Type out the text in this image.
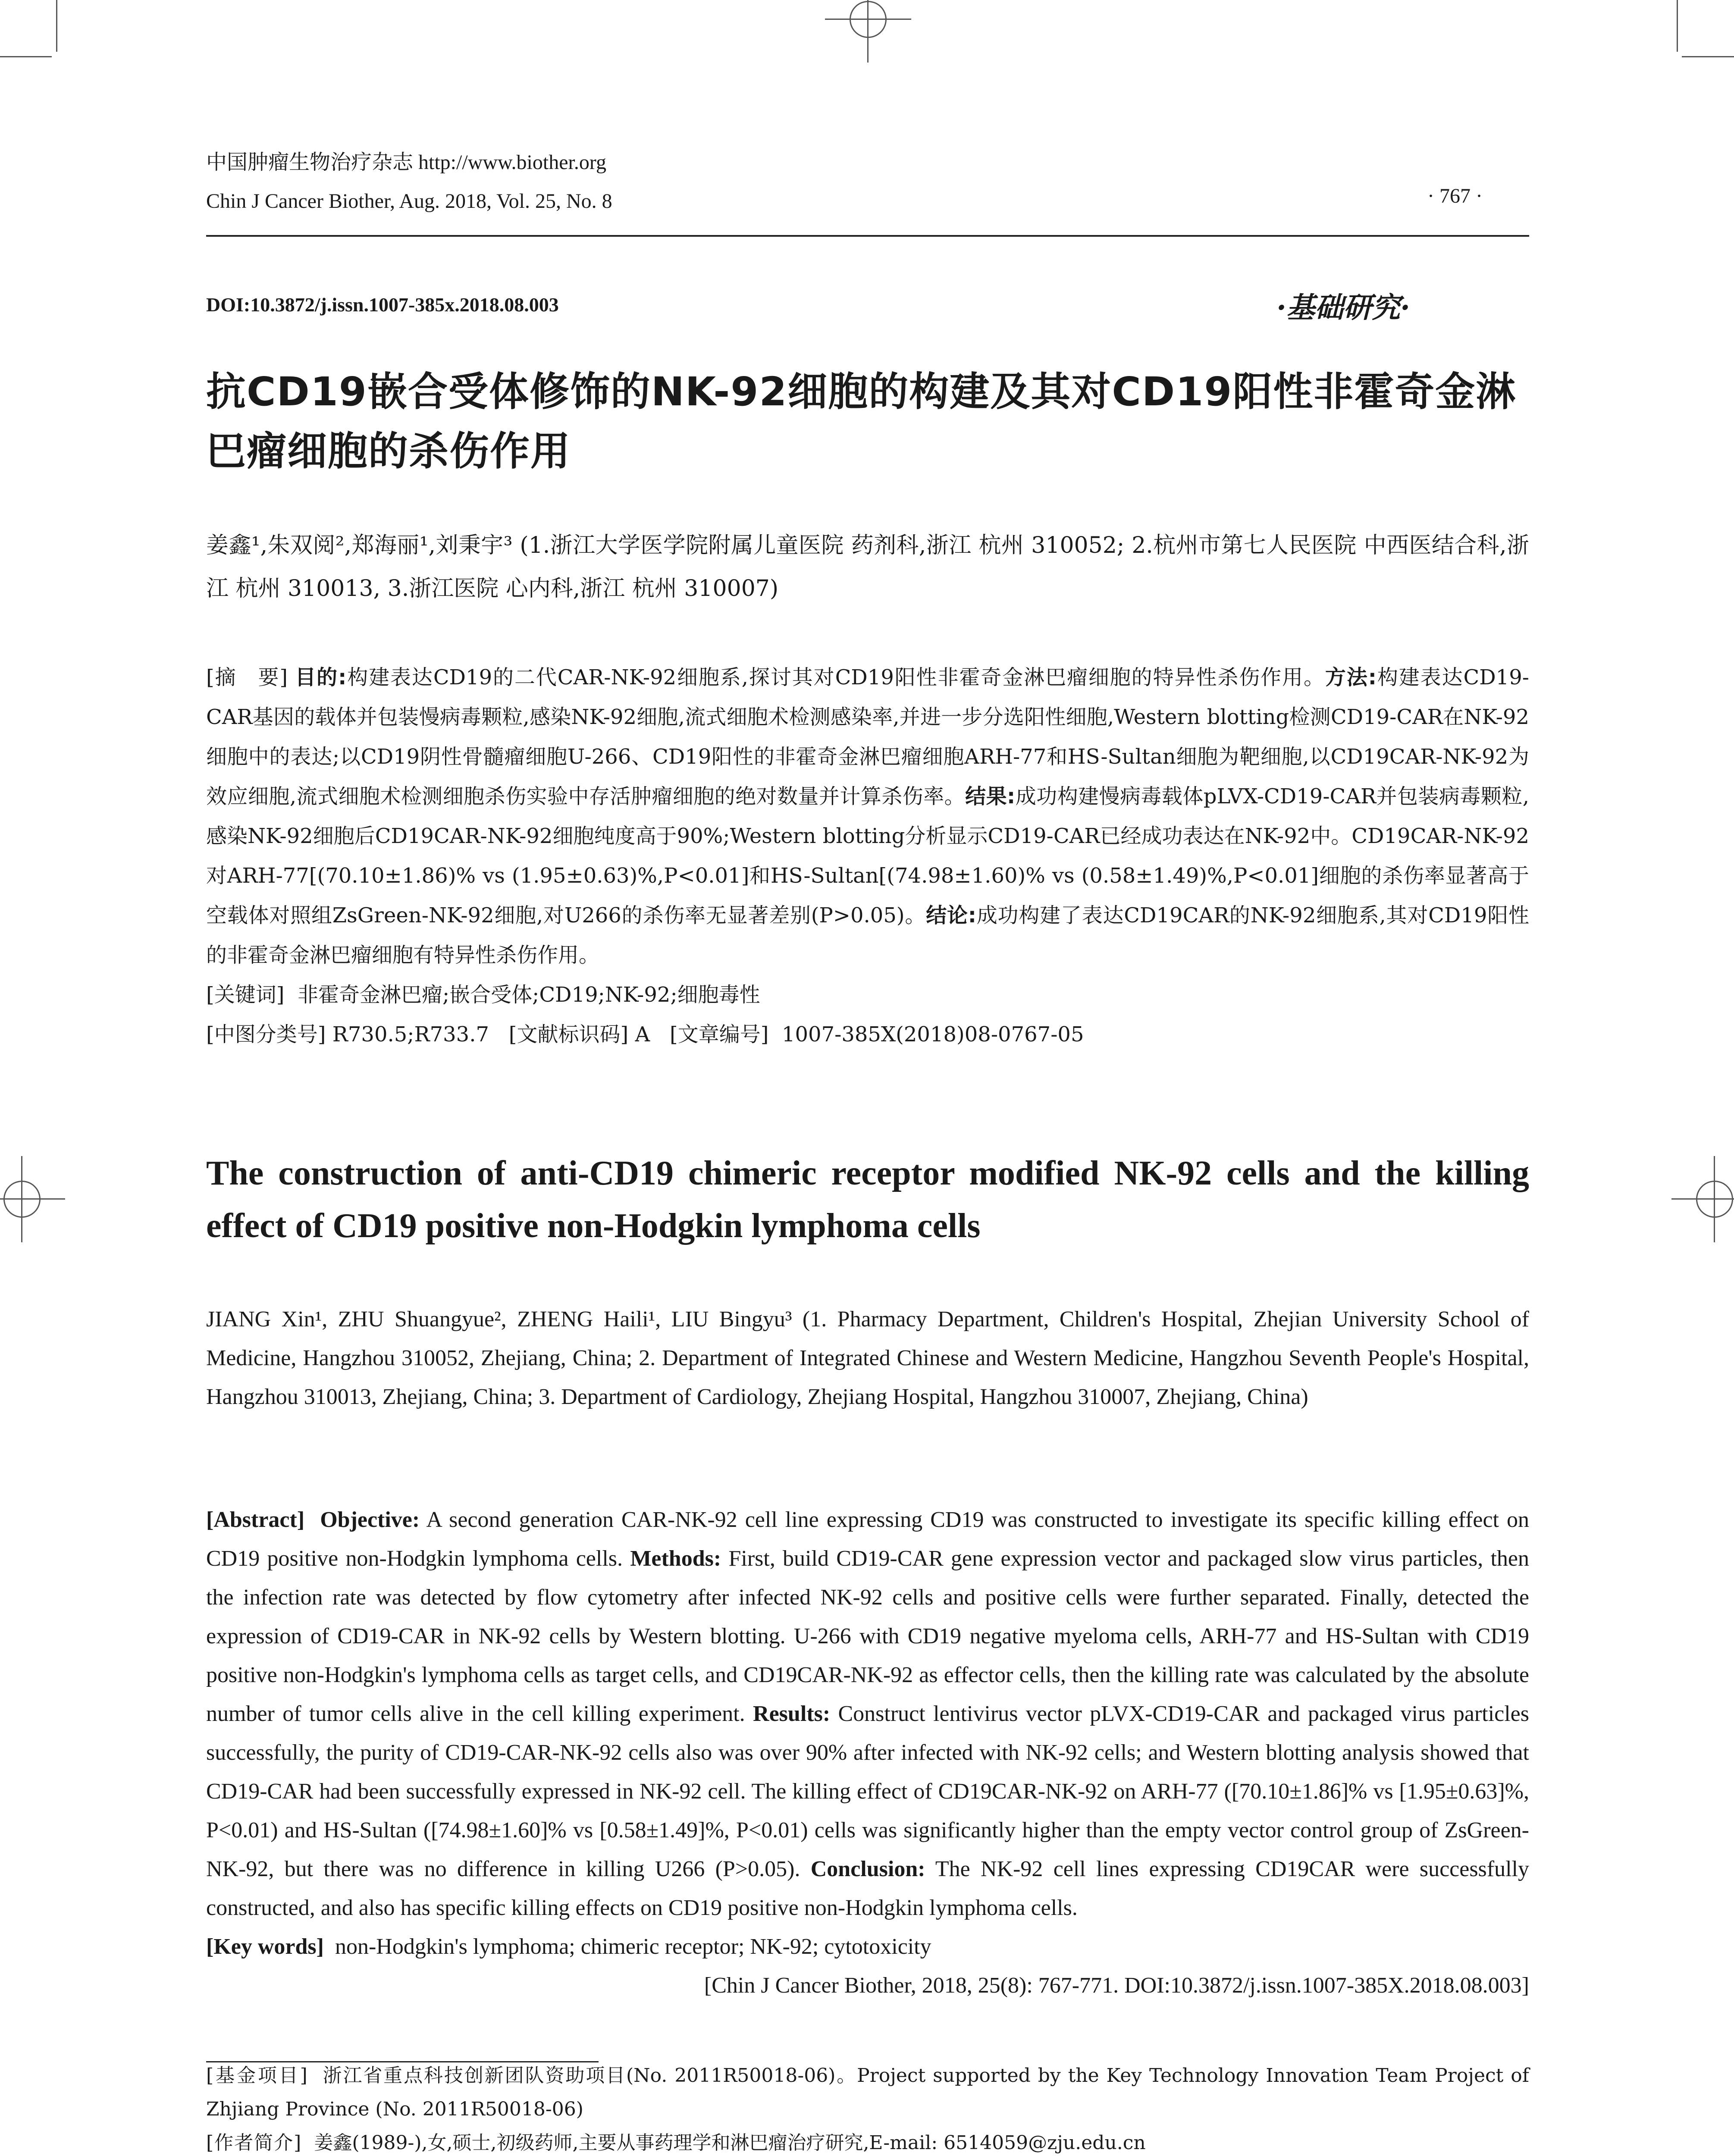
中国肿瘤生物治疗杂志 http://www.biother.org
Chin J Cancer Biother, Aug. 2018, Vol. 25, No. 8	· 767 ·
DOI:10.3872/j.issn.1007-385x.2018.08.003	·基础研究·
抗CD19嵌合受体修饰的NK-92细胞的构建及其对CD19阳性非霍奇金淋巴瘤细胞的杀伤作用
姜鑫¹,朱双阅²,郑海丽¹,刘秉宇³ (1.浙江大学医学院附属儿童医院 药剂科,浙江 杭州 310052; 2.杭州市第七人民医院 中西医结合科,浙江 杭州 310013, 3.浙江医院 心内科,浙江 杭州 310007)

[摘　要] 目的:构建表达CD19的二代CAR-NK-92细胞系,探讨其对CD19阳性非霍奇金淋巴瘤细胞的特异性杀伤作用。方法:构建表达CD19-CAR基因的载体并包装慢病毒颗粒,感染NK-92细胞,流式细胞术检测感染率,并进一步分选阳性细胞,Western blotting检测CD19-CAR在NK-92细胞中的表达;以CD19阴性骨髓瘤细胞U-266、CD19阳性的非霍奇金淋巴瘤细胞ARH-77和HS-Sultan细胞为靶细胞,以CD19CAR-NK-92为效应细胞,流式细胞术检测细胞杀伤实验中存活肿瘤细胞的绝对数量并计算杀伤率。结果:成功构建慢病毒载体pLVX-CD19-CAR并包装病毒颗粒,感染NK-92细胞后CD19CAR-NK-92细胞纯度高于90%;Western blotting分析显示CD19-CAR已经成功表达在NK-92中。CD19CAR-NK-92对ARH-77[(70.10±1.86)% vs (1.95±0.63)%,P<0.01]和HS-Sultan[(74.98±1.60)% vs (0.58±1.49)%,P<0.01]细胞的杀伤率显著高于空载体对照组ZsGreen-NK-92细胞,对U266的杀伤率无显著差别(P>0.05)。结论:成功构建了表达CD19CAR的NK-92细胞系,其对CD19阳性的非霍奇金淋巴瘤细胞有特异性杀伤作用。

[关键词] 非霍奇金淋巴瘤;嵌合受体;CD19;NK-92;细胞毒性

[中图分类号] R730.5;R733.7 [文献标识码] A [文章编号] 1007-385X(2018)08-0767-05

The construction of anti-CD19 chimeric receptor modified NK-92 cells and the killing effect of CD19 positive non-Hodgkin lymphoma cells
JIANG Xin¹, ZHU Shuangyue², ZHENG Haili¹, LIU Bingyu³ (1. Pharmacy Department, Children's Hospital, Zhejian University School of Medicine, Hangzhou 310052, Zhejiang, China; 2. Department of Integrated Chinese and Western Medicine, Hangzhou Seventh People's Hospital, Hangzhou 310013, Zhejiang, China; 3. Department of Cardiology, Zhejiang Hospital, Hangzhou 310007, Zhejiang, China)

[Abstract] Objective: A second generation CAR-NK-92 cell line expressing CD19 was constructed to investigate its specific killing effect on CD19 positive non-Hodgkin lymphoma cells. Methods: First, build CD19-CAR gene expression vector and packaged slow virus particles, then the infection rate was detected by flow cytometry after infected NK-92 cells and positive cells were further separated. Finally, detected the expression of CD19-CAR in NK-92 cells by Western blotting. U-266 with CD19 negative myeloma cells, ARH-77 and HS-Sultan with CD19 positive non-Hodgkin's lymphoma cells as target cells, and CD19CAR-NK-92 as effector cells, then the killing rate was calculated by the absolute number of tumor cells alive in the cell killing experiment. Results: Construct lentivirus vector pLVX-CD19-CAR and packaged virus particles successfully, the purity of CD19-CAR-NK-92 cells also was over 90% after infected with NK-92 cells; and Western blotting analysis showed that CD19-CAR had been successfully expressed in NK-92 cell. The killing effect of CD19CAR-NK-92 on ARH-77 ([70.10±1.86]% vs [1.95±0.63]%, P<0.01) and HS-Sultan ([74.98±1.60]% vs [0.58±1.49]%, P<0.01) cells was significantly higher than the empty vector control group of ZsGreen-NK-92, but there was no difference in killing U266 (P>0.05). Conclusion: The NK-92 cell lines expressing CD19CAR were successfully constructed, and also has specific killing effects on CD19 positive non-Hodgkin lymphoma cells.

[Key words] non-Hodgkin's lymphoma; chimeric receptor; NK-92; cytotoxicity

[Chin J Cancer Biother, 2018, 25(8): 767-771. DOI:10.3872/j.issn.1007-385X.2018.08.003]

[基金项目] 浙江省重点科技创新团队资助项目(No. 2011R50018-06)。Project supported by the Key Technology Innovation Team Project of Zhjiang Province (No. 2011R50018-06)

[作者简介] 姜鑫(1989-),女,硕士,初级药师,主要从事药理学和淋巴瘤治疗研究,E-mail: 6514059@zju.edu.cn
